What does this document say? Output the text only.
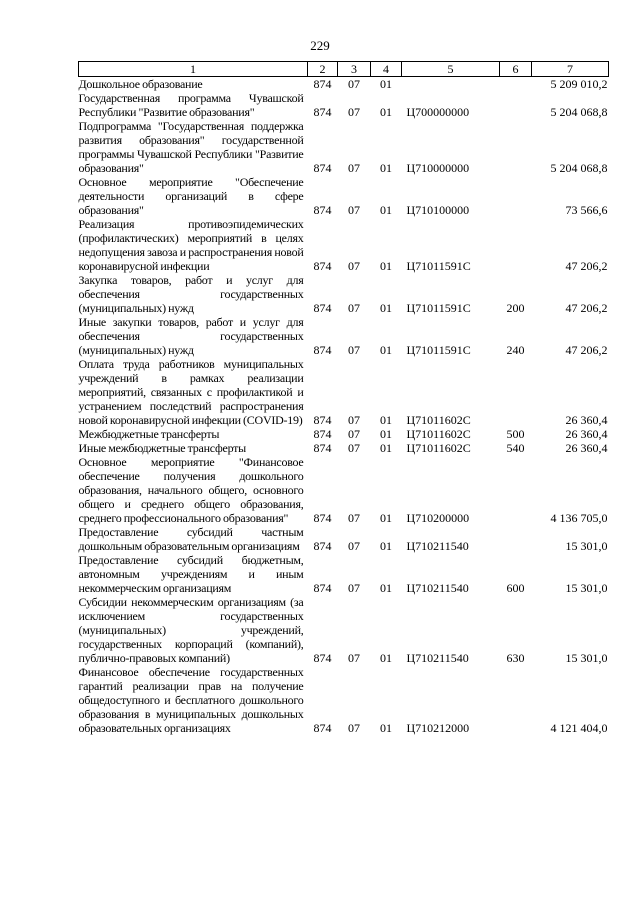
229
1	2	3	4	5	6	7
Дошкольное образование	874	07	01			5 209 010,2
Государственная программа Чувашской Республики "Развитие образования"	874	07	01	Ц700000000		5 204 068,8
Подпрограмма "Государственная поддержка развития образования" государственной программы Чувашской Республики "Развитие образования"	874	07	01	Ц710000000		5 204 068,8
Основное мероприятие "Обеспечение деятельности организаций в сфере образования"	874	07	01	Ц710100000		73 566,6
Реализация противоэпидемических (профилактических) мероприятий в целях недопущения завоза и распространения новой коронавирусной инфекции	874	07	01	Ц71011591С		47 206,2
Закупка товаров, работ и услуг для обеспечения государственных (муниципальных) нужд	874	07	01	Ц71011591С	200	47 206,2
Иные закупки товаров, работ и услуг для обеспечения государственных (муниципальных) нужд	874	07	01	Ц71011591С	240	47 206,2
Оплата труда работников муниципальных учреждений в рамках реализации мероприятий, связанных с профилактикой и устранением последствий распространения новой коронавирусной инфекции (COVID-19)	874	07	01	Ц71011602С		26 360,4
Межбюджетные трансферты	874	07	01	Ц71011602С	500	26 360,4
Иные межбюджетные трансферты	874	07	01	Ц71011602С	540	26 360,4
Основное мероприятие "Финансовое обеспечение получения дошкольного образования, начального общего, основного общего и среднего общего образования, среднего профессионального образования"	874	07	01	Ц710200000		4 136 705,0
Предоставление субсидий частным дошкольным образовательным организациям	874	07	01	Ц710211540		15 301,0
Предоставление субсидий бюджетным, автономным учреждениям и иным некоммерческим организациям	874	07	01	Ц710211540	600	15 301,0
Субсидии некоммерческим организациям (за исключением государственных (муниципальных) учреждений, государственных корпораций (компаний), публично-правовых компаний)	874	07	01	Ц710211540	630	15 301,0
Финансовое обеспечение государственных гарантий реализации прав на получение общедоступного и бесплатного дошкольного образования в муниципальных дошкольных образовательных организациях	874	07	01	Ц710212000		4 121 404,0
